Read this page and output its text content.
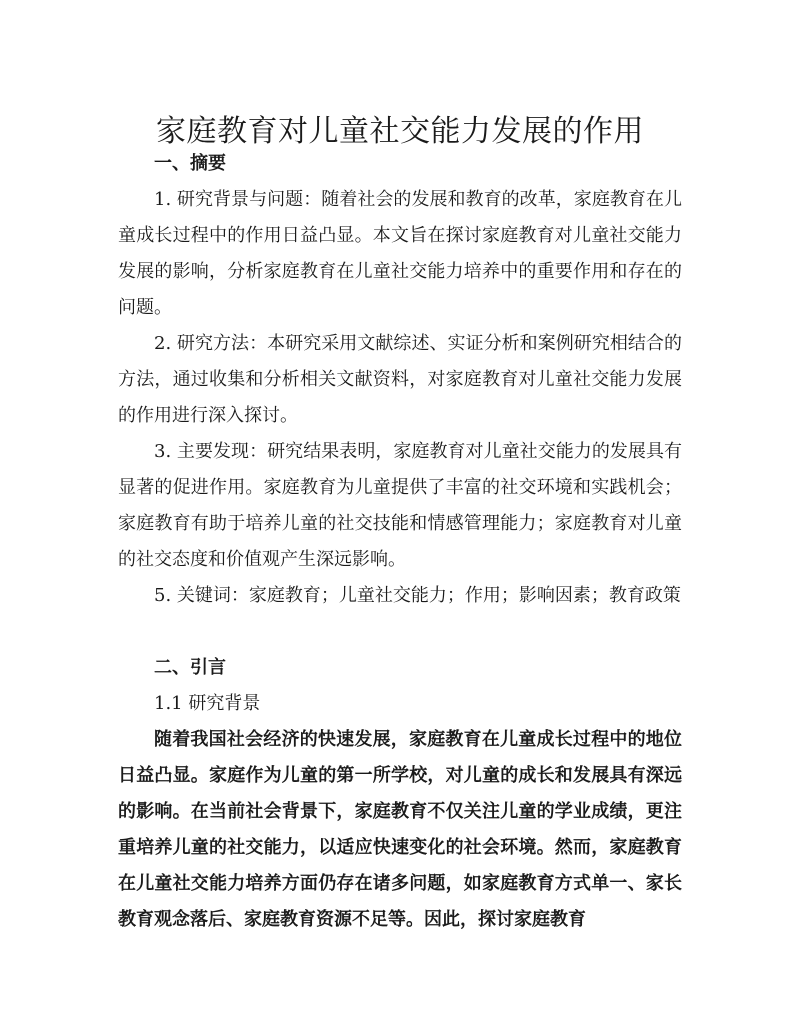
家庭教育对儿童社交能力发展的作用

一、摘要

1. 研究背景与问题：随着社会的发展和教育的改革，家庭教育在儿童成长过程中的作用日益凸显。本文旨在探讨家庭教育对儿童社交能力发展的影响，分析家庭教育在儿童社交能力培养中的重要作用和存在的问题。

2. 研究方法：本研究采用文献综述、实证分析和案例研究相结合的方法，通过收集和分析相关文献资料，对家庭教育对儿童社交能力发展的作用进行深入探讨。

3. 主要发现：研究结果表明，家庭教育对儿童社交能力的发展具有显著的促进作用。家庭教育为儿童提供了丰富的社交环境和实践机会；家庭教育有助于培养儿童的社交技能和情感管理能力；家庭教育对儿童的社交态度和价值观产生深远影响。

5. 关键词：家庭教育；儿童社交能力；作用；影响因素；教育政策

二、引言

1.1 研究背景

随着我国社会经济的快速发展，家庭教育在儿童成长过程中的地位日益凸显。家庭作为儿童的第一所学校，对儿童的成长和发展具有深远的影响。在当前社会背景下，家庭教育不仅关注儿童的学业成绩，更注重培养儿童的社交能力，以适应快速变化的社会环境。然而，家庭教育在儿童社交能力培养方面仍存在诸多问题，如家庭教育方式单一、家长教育观念落后、家庭教育资源不足等。因此，探讨家庭教育
